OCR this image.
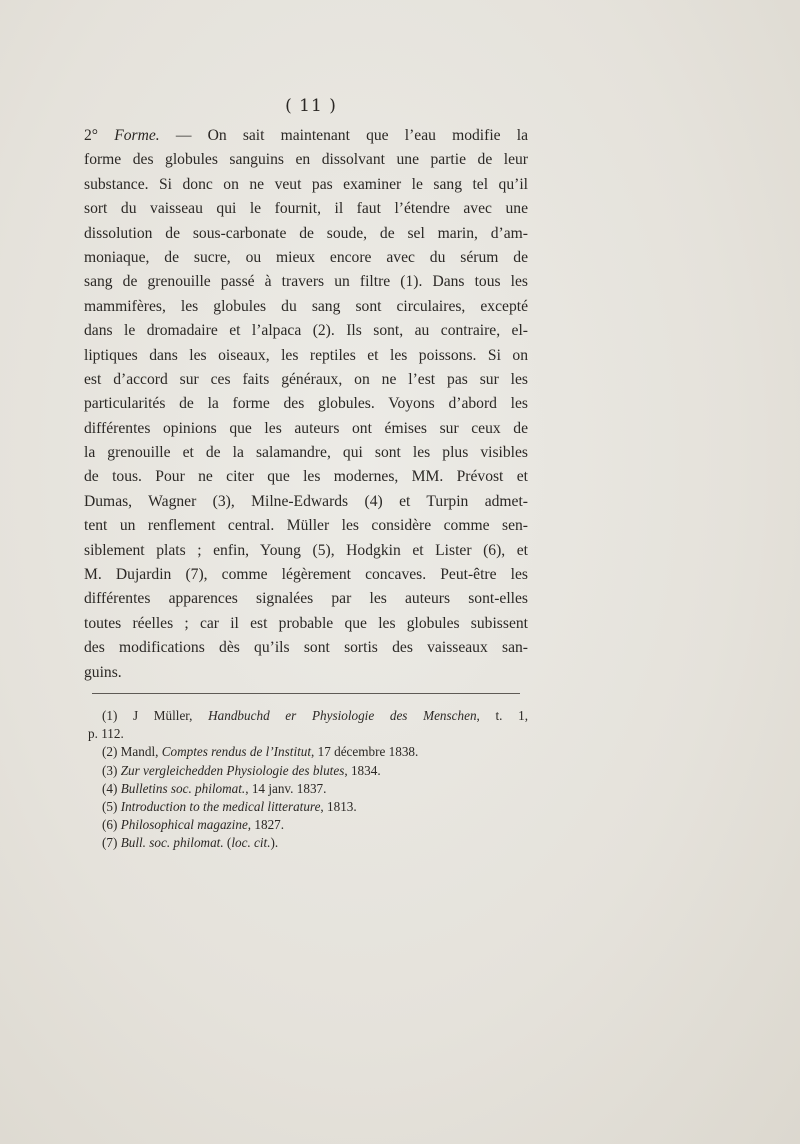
( 11 )
2° Forme. — On sait maintenant que l’eau modifie la
forme des globules sanguins en dissolvant une partie de leur
substance. Si donc on ne veut pas examiner le sang tel qu’il
sort du vaisseau qui le fournit, il faut l’étendre avec une
dissolution de sous-carbonate de soude, de sel marin, d’am-
moniaque, de sucre, ou mieux encore avec du sérum de
sang de grenouille passé à travers un filtre (1). Dans tous les
mammifères, les globules du sang sont circulaires, excepté
dans le dromadaire et l’alpaca (2). Ils sont, au contraire, el-
liptiques dans les oiseaux, les reptiles et les poissons. Si on
est d’accord sur ces faits généraux, on ne l’est pas sur les
particularités de la forme des globules. Voyons d’abord les
différentes opinions que les auteurs ont émises sur ceux de
la grenouille et de la salamandre, qui sont les plus visibles
de tous. Pour ne citer que les modernes, MM. Prévost et
Dumas, Wagner (3), Milne-Edwards (4) et Turpin admet-
tent un renflement central. Müller les considère comme sen-
siblement plats ; enfin, Young (5), Hodgkin et Lister (6), et
M. Dujardin (7), comme légèrement concaves. Peut-être les
différentes apparences signalées par les auteurs sont-elles
toutes réelles ; car il est probable que les globules subissent
des modifications dès qu’ils sont sortis des vaisseaux san-
guins.
(1) J Müller, Handbuchd er Physiologie des Menschen, t. 1,
p. 112.
(2) Mandl, Comptes rendus de l’Institut, 17 décembre 1838.
(3) Zur vergleichedden Physiologie des blutes, 1834.
(4) Bulletins soc. philomat., 14 janv. 1837.
(5) Introduction to the medical litterature, 1813.
(6) Philosophical magazine, 1827.
(7) Bull. soc. philomat. (loc. cit.).
